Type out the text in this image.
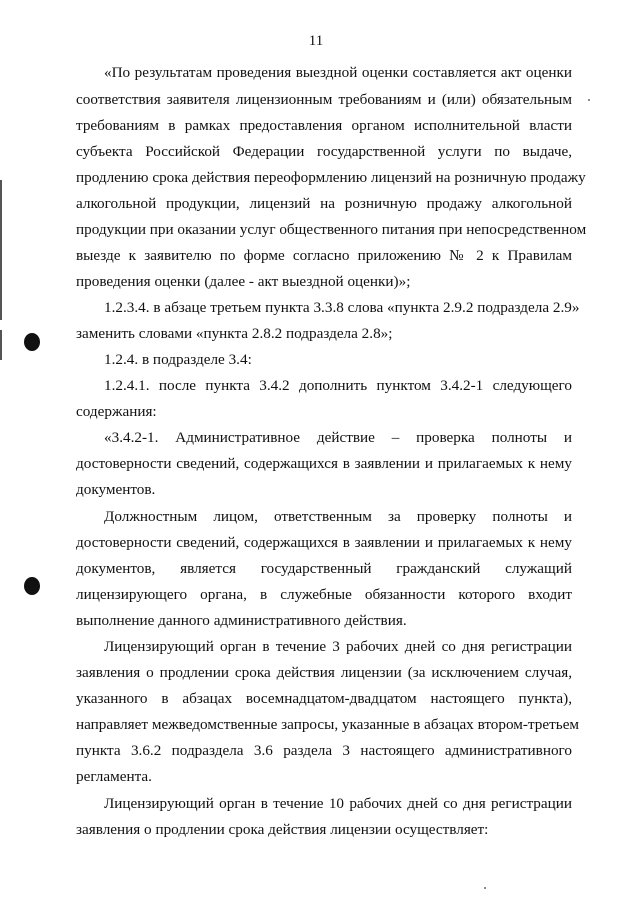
11
«По результатам проведения выездной оценки составляется акт оценки
соответствия заявителя лицензионным требованиям и (или) обязательным
требованиям в рамках предоставления органом исполнительной власти
субъекта Российской Федерации государственной услуги по выдаче,
продлению срока действия переоформлению лицензий на розничную продажу
алкогольной продукции, лицензий на розничную продажу алкогольной
продукции при оказании услуг общественного питания при непосредственном
выезде к заявителю по форме согласно приложению № 2 к Правилам
проведения оценки (далее - акт выездной оценки)»;
1.2.3.4. в абзаце третьем пункта 3.3.8 слова «пункта 2.9.2 подраздела 2.9»
заменить словами «пункта 2.8.2 подраздела 2.8»;
1.2.4. в подразделе 3.4:
1.2.4.1. после пункта 3.4.2 дополнить пунктом 3.4.2-1 следующего
содержания:
«3.4.2-1. Административное действие – проверка полноты и
достоверности сведений, содержащихся в заявлении и прилагаемых к нему
документов.
Должностным лицом, ответственным за проверку полноты и
достоверности сведений, содержащихся в заявлении и прилагаемых к нему
документов, является государственный гражданский служащий
лицензирующего органа, в служебные обязанности которого входит
выполнение данного административного действия.
Лицензирующий орган в течение 3 рабочих дней со дня регистрации
заявления о продлении срока действия лицензии (за исключением случая,
указанного в абзацах восемнадцатом-двадцатом настоящего пункта),
направляет межведомственные запросы, указанные в абзацах втором-третьем
пункта 3.6.2 подраздела 3.6 раздела 3 настоящего административного
регламента.
Лицензирующий орган в течение 10 рабочих дней со дня регистрации
заявления о продлении срока действия лицензии осуществляет:
